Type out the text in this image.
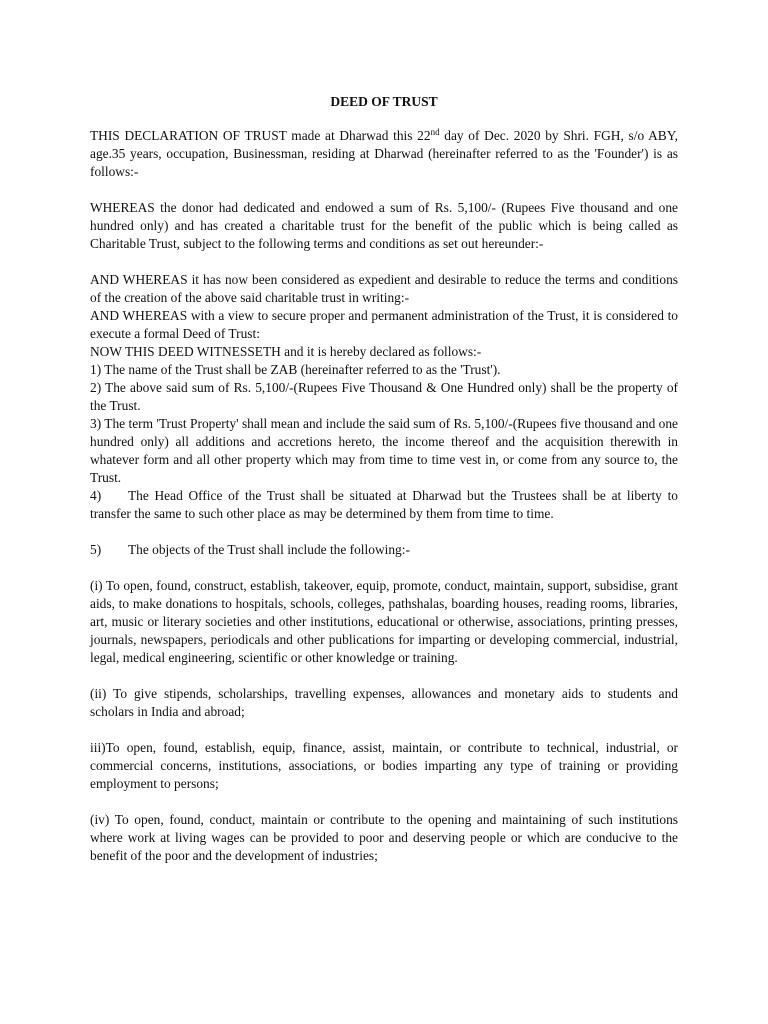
DEED OF TRUST

THIS DECLARATION OF TRUST made at Dharwad this 22nd day of Dec. 2020 by Shri. FGH, s/o ABY, age.35 years, occupation, Businessman, residing at Dharwad (hereinafter referred to as the 'Founder') is as follows:-

WHEREAS the donor had dedicated and endowed a sum of Rs. 5,100/- (Rupees Five thousand and one hundred only) and has created a charitable trust for the benefit of the public which is being called as Charitable Trust, subject to the following terms and conditions as set out hereunder:-

AND WHEREAS it has now been considered as expedient and desirable to reduce the terms and conditions of the creation of the above said charitable trust in writing:-

AND WHEREAS with a view to secure proper and permanent administration of the Trust, it is considered to execute a formal Deed of Trust:

NOW THIS DEED WITNESSETH and it is hereby declared as follows:-

1) The name of the Trust shall be ZAB (hereinafter referred to as the 'Trust').

2) The above said sum of Rs. 5,100/-(Rupees Five Thousand & One Hundred only) shall be the property of the Trust.

3) The term 'Trust Property' shall mean and include the said sum of Rs. 5,100/-(Rupees five thousand and one hundred only) all additions and accretions hereto, the income thereof and the acquisition therewith in whatever form and all other property which may from time to time vest in, or come from any source to, the Trust.

4) The Head Office of the Trust shall be situated at Dharwad but the Trustees shall be at liberty to transfer the same to such other place as may be determined by them from time to time.

5) The objects of the Trust shall include the following:-

(i) To open, found, construct, establish, takeover, equip, promote, conduct, maintain, support, subsidise, grant aids, to make donations to hospitals, schools, colleges, pathshalas, boarding houses, reading rooms, libraries, art, music or literary societies and other institutions, educational or otherwise, associations, printing presses, journals, newspapers, periodicals and other publications for imparting or developing commercial, industrial, legal, medical engineering, scientific or other knowledge or training.

(ii) To give stipends, scholarships, travelling expenses, allowances and monetary aids to students and scholars in India and abroad;

iii)To open, found, establish, equip, finance, assist, maintain, or contribute to technical, industrial, or commercial concerns, institutions, associations, or bodies imparting any type of training or providing employment to persons;

(iv) To open, found, conduct, maintain or contribute to the opening and maintaining of such institutions where work at living wages can be provided to poor and deserving people or which are conducive to the benefit of the poor and the development of industries;
